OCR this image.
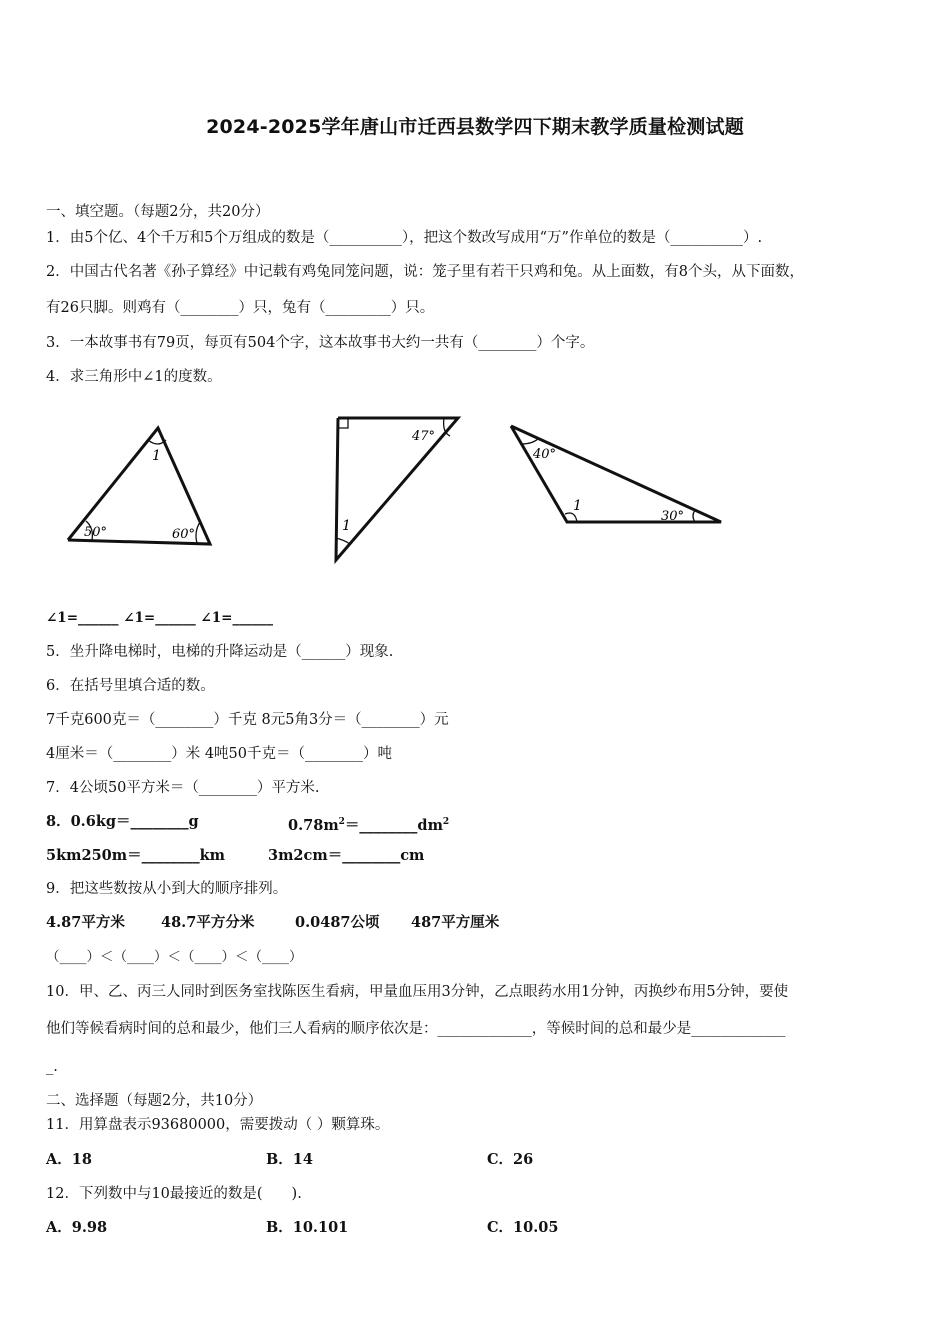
2024-2025学年唐山市迁西县数学四下期末教学质量检测试题
一、填空题。（每题2分，共20分）
1．由5个亿、4个千万和5个万组成的数是（__________），把这个数改写成用“万”作单位的数是（__________）.
2．中国古代名著《孙子算经》中记载有鸡兔同笼问题，说：笼子里有若干只鸡和兔。从上面数，有8个头，从下面数，
有26只脚。则鸡有（________）只，兔有（_________）只。
3．一本故事书有79页，每页有504个字，这本故事书大约一共有（________）个字。
4．求三角形中∠1的度数。
1
50°	60°
47°
1
40°
1
30°
∠1=______ ∠1=______ ∠1=______
5．坐升降电梯时，电梯的升降运动是（______）现象.
6．在括号里填合适的数。
7千克600克＝（________）千克 8元5角3分＝（________）元
4厘米＝（________）米 4吨50千克＝（________）吨
7．4公顷50平方米＝（________）平方米.
8．0.6kg＝________g	$0.78m^2=\_\_\_\_\_\_\_\_dm^2$
5km250m＝________km	3m2cm＝________cm
9．把这些数按从小到大的顺序排列。
4.87平方米 48.7平方分米	0.0487公顷 487平方厘米
（____）＜（____）＜（____）＜（____）
10．甲、乙、丙三人同时到医务室找陈医生看病，甲量血压用3分钟，乙点眼药水用1分钟，丙换纱布用5分钟，要使
他们等候看病时间的总和最少，他们三人看病的顺序依次是：_____________，等候时间的总和最少是_____________
_.
二、选择题（每题2分，共10分）
11．用算盘表示93680000，需要拨动（ ）颗算珠。
A．18	B．14	C．26
12．下列数中与10最接近的数是(　　).
A．9.98	B．10.101	C．10.05
